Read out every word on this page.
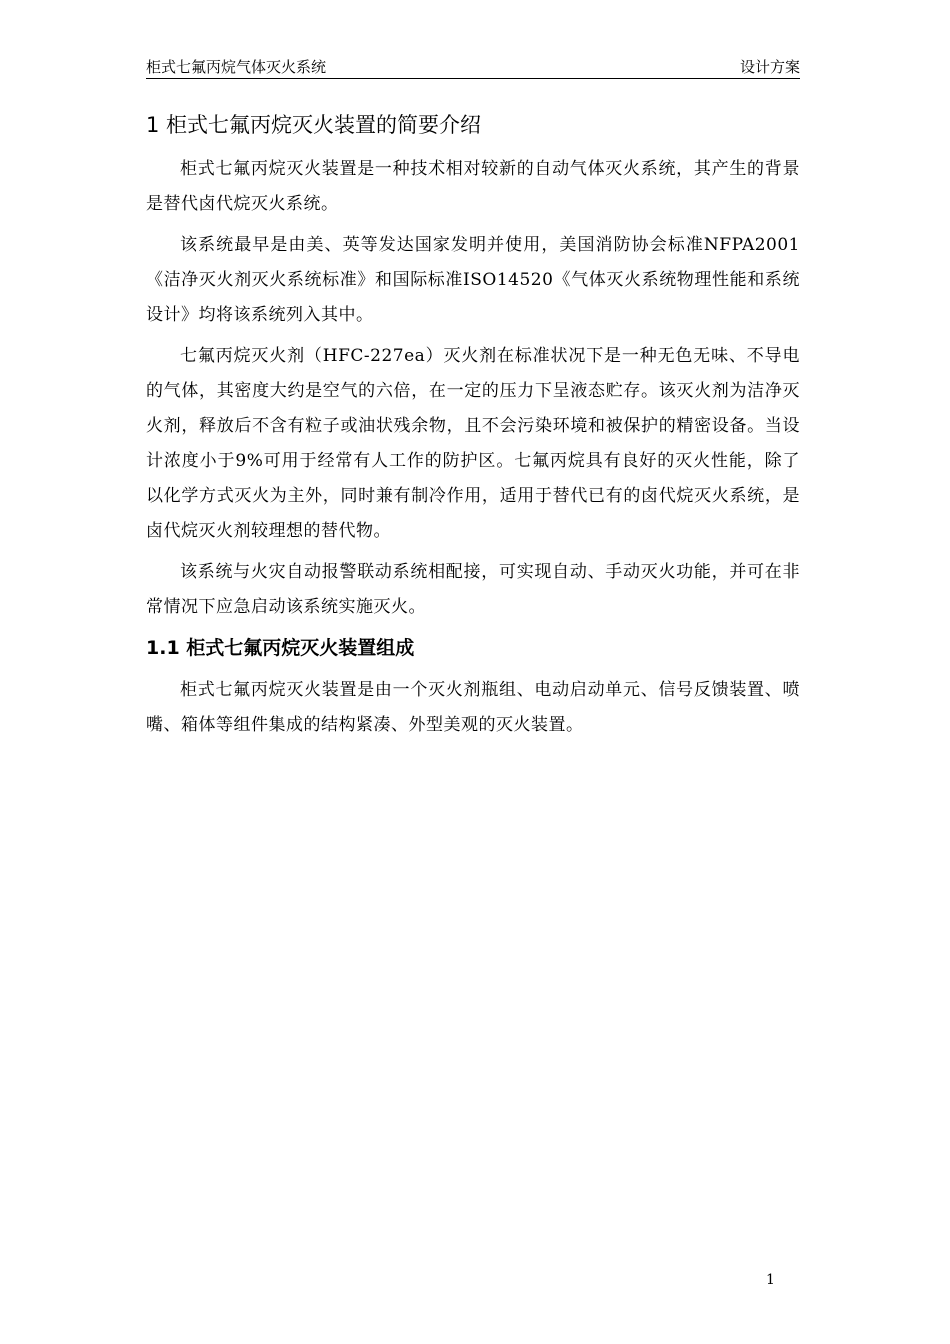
柜式七氟丙烷气体灭火系统	设计方案
1 柜式七氟丙烷灭火装置的简要介绍

柜式七氟丙烷灭火装置是一种技术相对较新的自动气体灭火系统，其产生的背景是替代卤代烷灭火系统。

该系统最早是由美、英等发达国家发明并使用，美国消防协会标准NFPA2001《洁净灭火剂灭火系统标准》和国际标准ISO14520《气体灭火系统物理性能和系统设计》均将该系统列入其中。

七氟丙烷灭火剂（HFC-227ea）灭火剂在标准状况下是一种无色无味、不导电的气体，其密度大约是空气的六倍，在一定的压力下呈液态贮存。该灭火剂为洁净灭火剂，释放后不含有粒子或油状残余物，且不会污染环境和被保护的精密设备。当设计浓度小于9%可用于经常有人工作的防护区。七氟丙烷具有良好的灭火性能，除了以化学方式灭火为主外，同时兼有制冷作用，适用于替代已有的卤代烷灭火系统，是卤代烷灭火剂较理想的替代物。

该系统与火灾自动报警联动系统相配接，可实现自动、手动灭火功能，并可在非常情况下应急启动该系统实施灭火。

1.1 柜式七氟丙烷灭火装置组成

柜式七氟丙烷灭火装置是由一个灭火剂瓶组、电动启动单元、信号反馈装置、喷嘴、箱体等组件集成的结构紧凑、外型美观的灭火装置。

1
